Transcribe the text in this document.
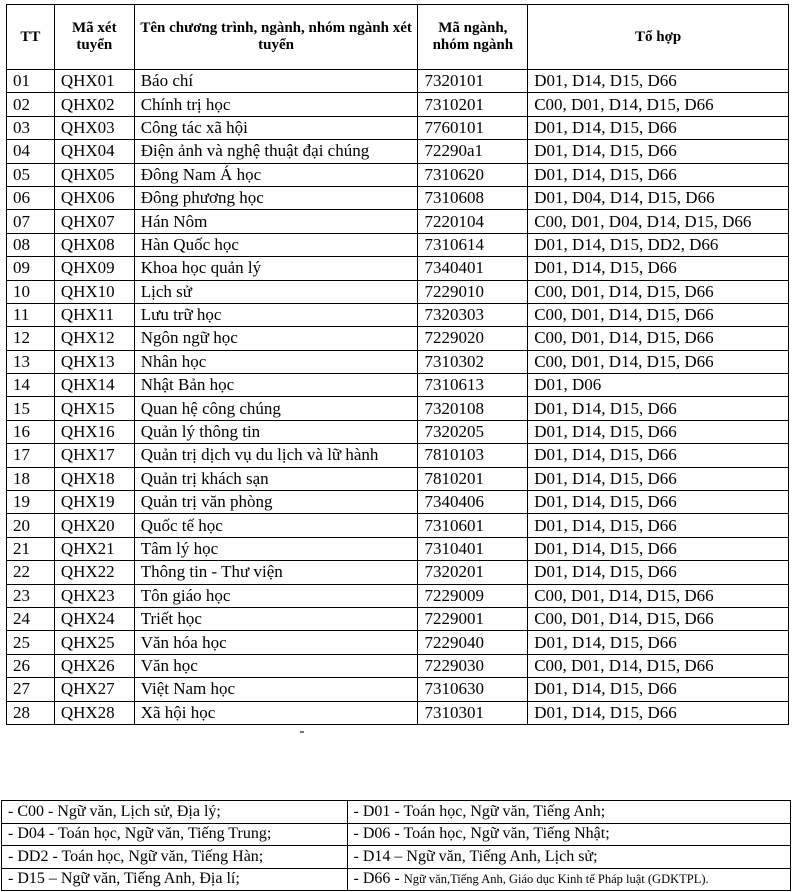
TT	Mã xét tuyển	Tên chương trình, ngành, nhóm ngành xét tuyển	Mã ngành, nhóm ngành	Tổ hợp
01	QHX01	Báo chí	7320101	D01, D14, D15, D66
02	QHX02	Chính trị học	7310201	C00, D01, D14, D15, D66
03	QHX03	Công tác xã hội	7760101	D01, D14, D15, D66
04	QHX04	Điện ảnh và nghệ thuật đại chúng	72290a1	D01, D14, D15, D66
05	QHX05	Đông Nam Á học	7310620	D01, D14, D15, D66
06	QHX06	Đông phương học	7310608	D01, D04, D14, D15, D66
07	QHX07	Hán Nôm	7220104	C00, D01, D04, D14, D15, D66
08	QHX08	Hàn Quốc học	7310614	D01, D14, D15, DD2, D66
09	QHX09	Khoa học quản lý	7340401	D01, D14, D15, D66
10	QHX10	Lịch sử	7229010	C00, D01, D14, D15, D66
11	QHX11	Lưu trữ học	7320303	C00, D01, D14, D15, D66
12	QHX12	Ngôn ngữ học	7229020	C00, D01, D14, D15, D66
13	QHX13	Nhân học	7310302	C00, D01, D14, D15, D66
14	QHX14	Nhật Bản học	7310613	D01, D06
15	QHX15	Quan hệ công chúng	7320108	D01, D14, D15, D66
16	QHX16	Quản lý thông tin	7320205	D01, D14, D15, D66
17	QHX17	Quản trị dịch vụ du lịch và lữ hành	7810103	D01, D14, D15, D66
18	QHX18	Quản trị khách sạn	7810201	D01, D14, D15, D66
19	QHX19	Quản trị văn phòng	7340406	D01, D14, D15, D66
20	QHX20	Quốc tế học	7310601	D01, D14, D15, D66
21	QHX21	Tâm lý học	7310401	D01, D14, D15, D66
22	QHX22	Thông tin - Thư viện	7320201	D01, D14, D15, D66
23	QHX23	Tôn giáo học	7229009	C00, D01, D14, D15, D66
24	QHX24	Triết học	7229001	C00, D01, D14, D15, D66
25	QHX25	Văn hóa học	7229040	D01, D14, D15, D66
26	QHX26	Văn học	7229030	C00, D01, D14, D15, D66
27	QHX27	Việt Nam học	7310630	D01, D14, D15, D66
28	QHX28	Xã hội học	7310301	D01, D14, D15, D66
- C00 - Ngữ văn, Lịch sử, Địa lý;	- D01 - Toán học, Ngữ văn, Tiếng Anh;
- D04 - Toán học, Ngữ văn, Tiếng Trung;	- D06 - Toán học, Ngữ văn, Tiếng Nhật;
- DD2 - Toán học, Ngữ văn, Tiếng Hàn;	- D14 – Ngữ văn, Tiếng Anh, Lịch sử;
- D15 – Ngữ văn, Tiếng Anh, Địa lí;	- D66 - Ngữ văn,Tiếng Anh, Giáo dục Kinh tế Pháp luật (GDKTPL).
